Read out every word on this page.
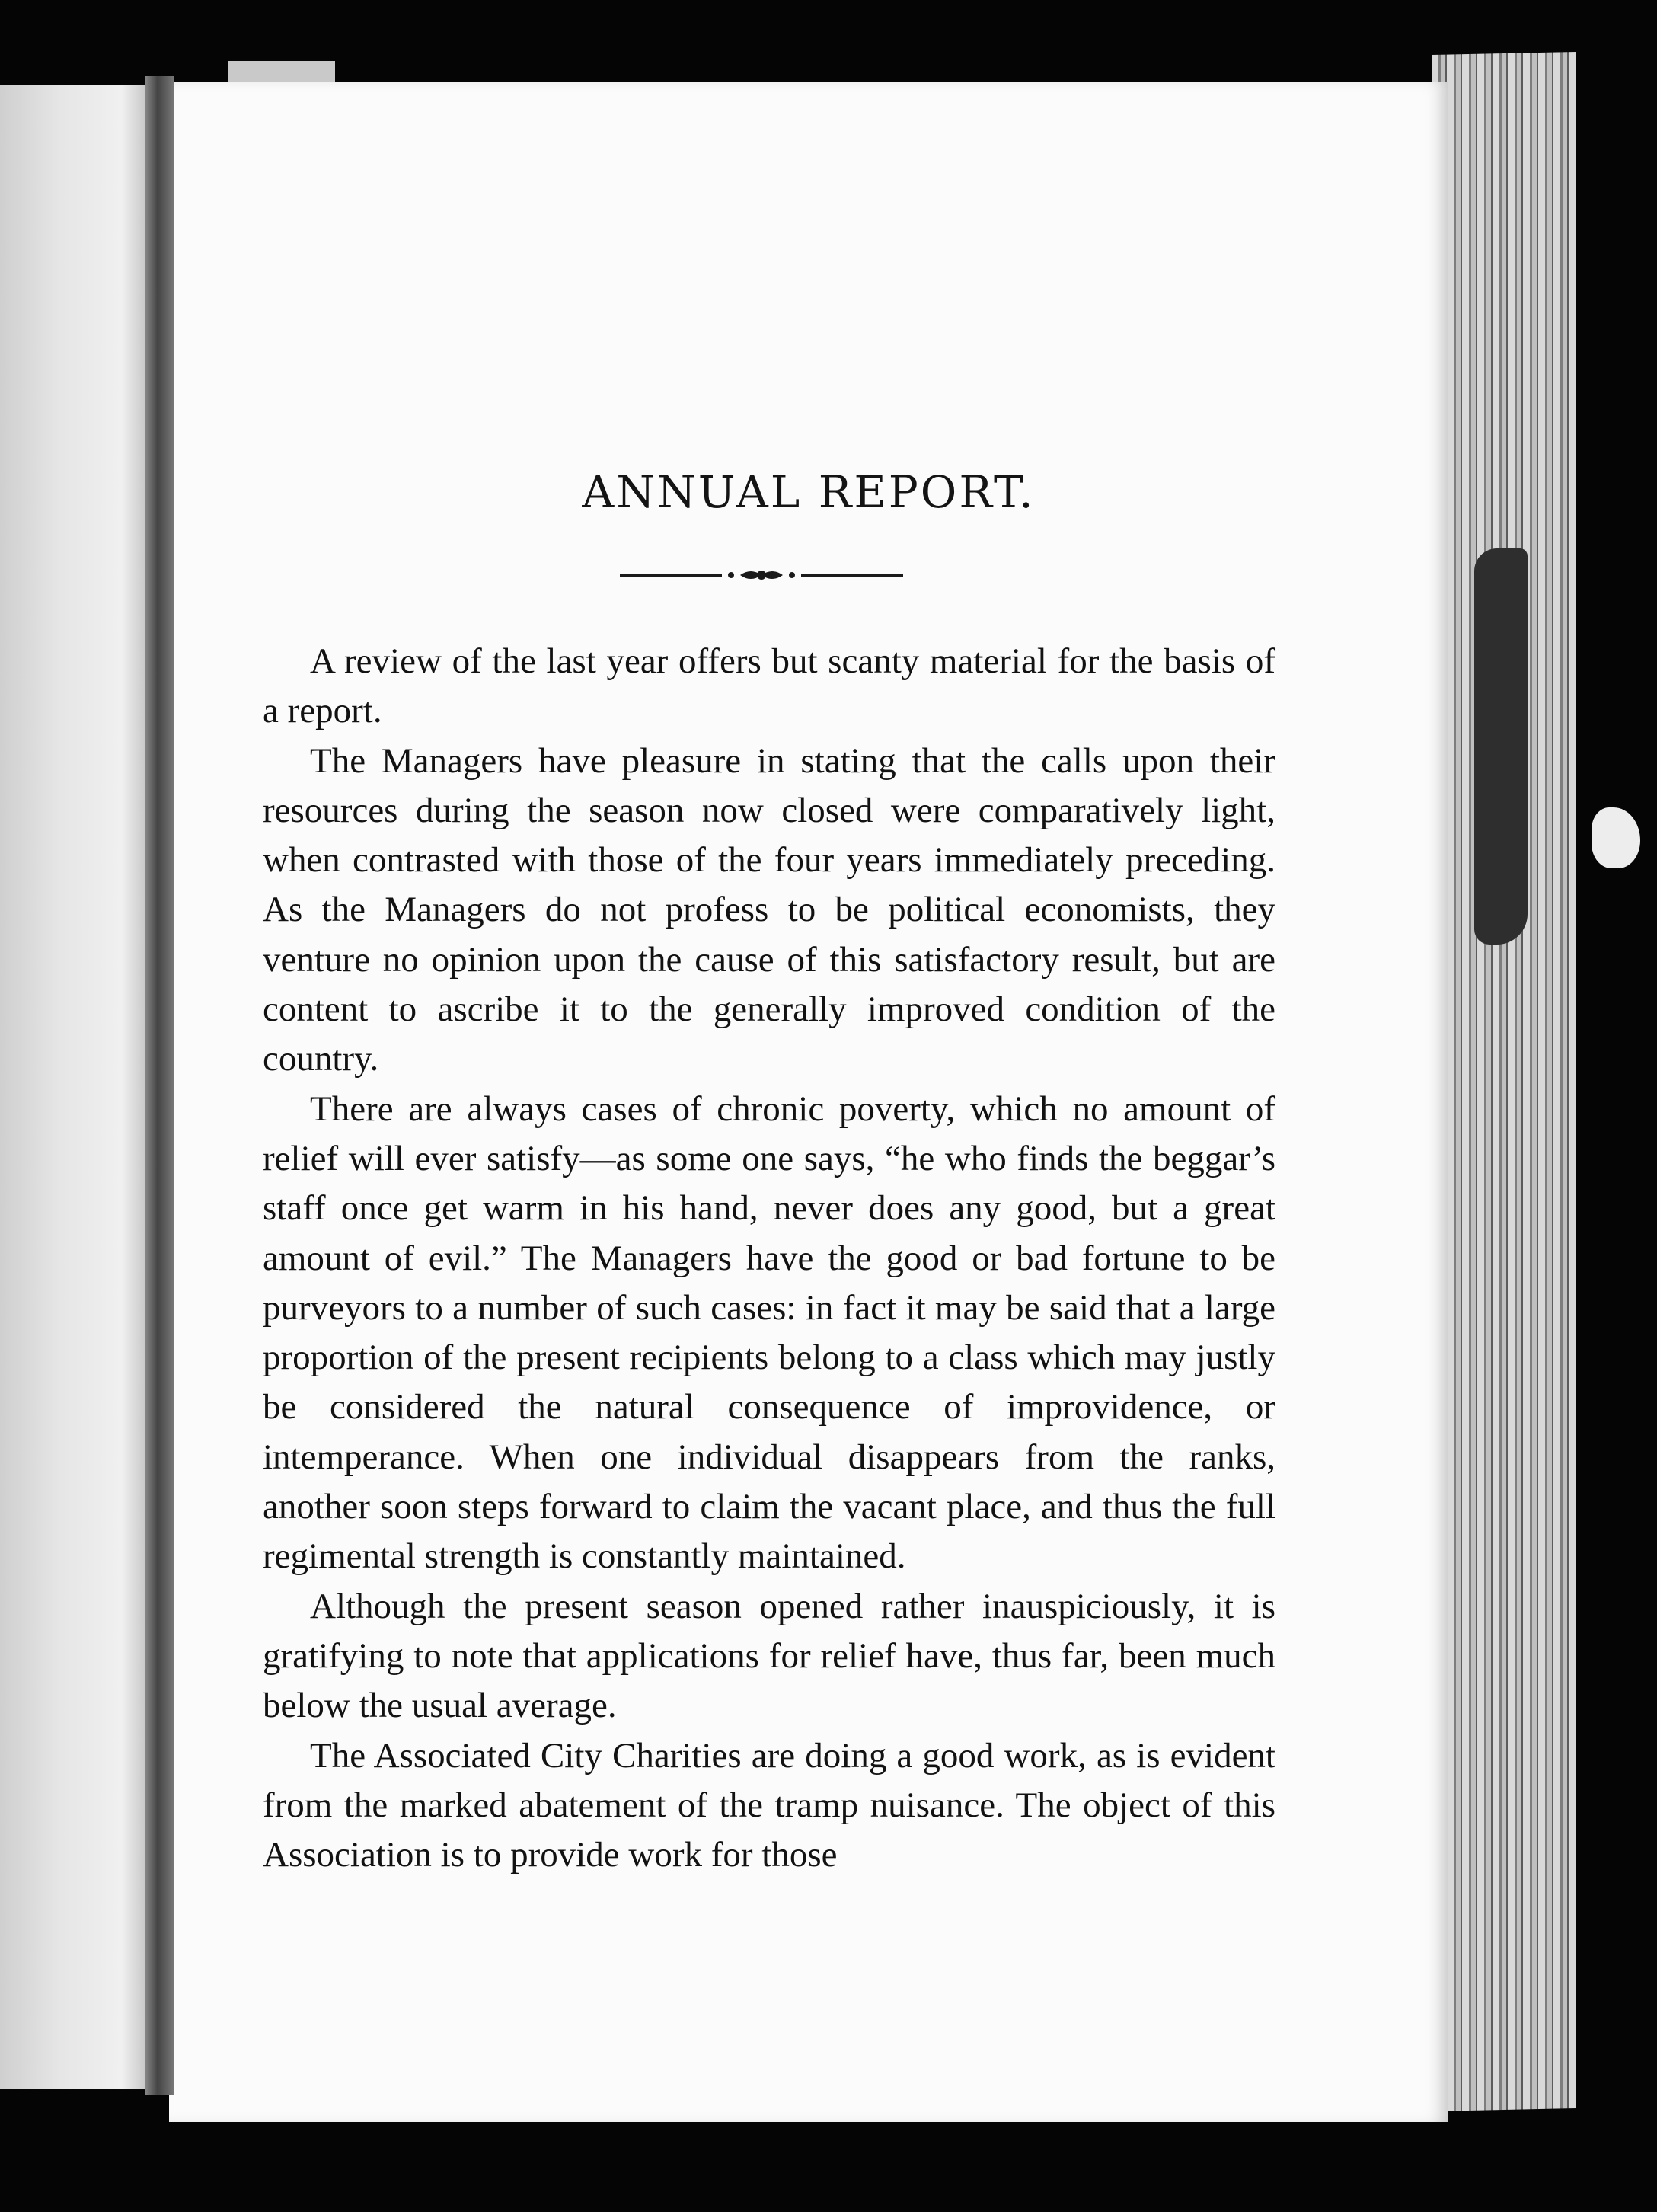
ANNUAL REPORT.

A review of the last year offers but scanty material for the basis of a report.

The Managers have pleasure in stating that the calls upon their resources during the season now closed were comparatively light, when contrasted with those of the four years immediately preceding. As the Managers do not profess to be political economists, they venture no opinion upon the cause of this satisfactory result, but are content to ascribe it to the generally improved condition of the country.

There are always cases of chronic poverty, which no amount of relief will ever satisfy—as some one says, “he who finds the beggar’s staff once get warm in his hand, never does any good, but a great amount of evil.” The Managers have the good or bad fortune to be purveyors to a number of such cases: in fact it may be said that a large proportion of the present recipients belong to a class which may justly be considered the natural consequence of improvidence, or intemperance. When one individual disappears from the ranks, another soon steps forward to claim the vacant place, and thus the full regimental strength is constantly maintained.

Although the present season opened rather inauspiciously, it is gratifying to note that applications for relief have, thus far, been much below the usual average.

The Associated City Charities are doing a good work, as is evident from the marked abatement of the tramp nuisance. The object of this Association is to provide work for those
